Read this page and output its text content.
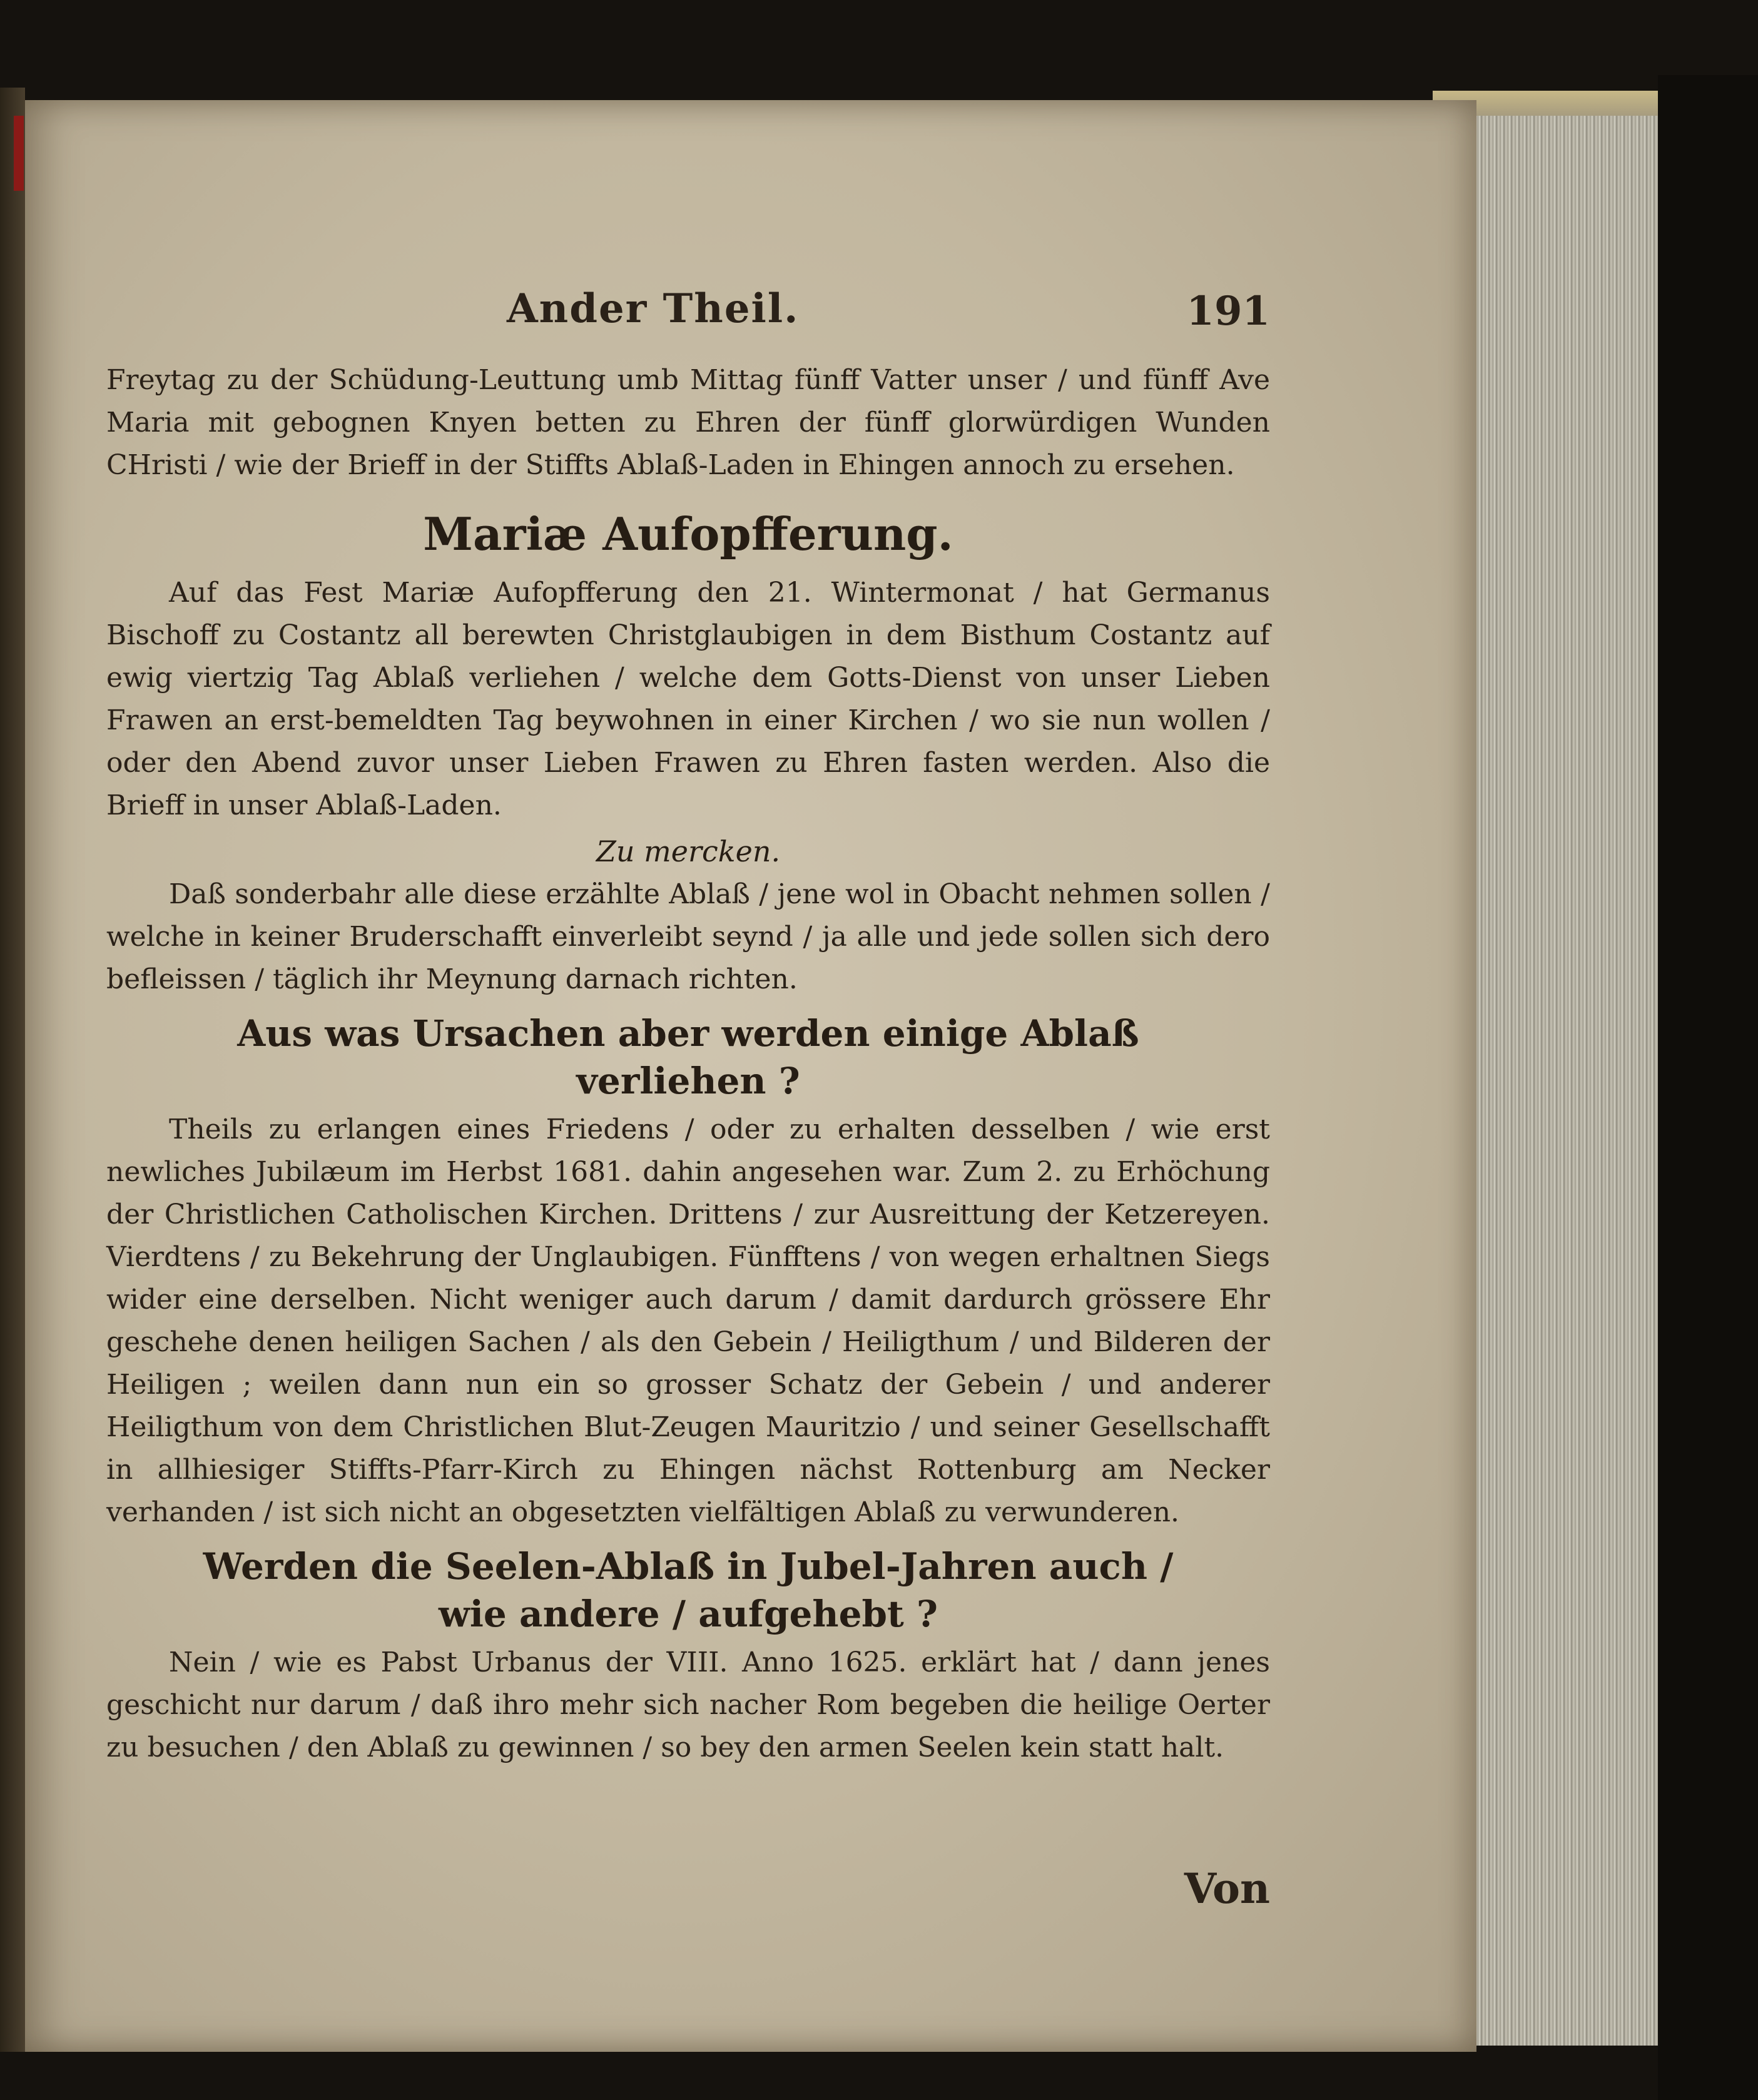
Ander Theil.	191

Freytag zu der Schüdung-Leuttung umb Mittag fünff Vatter unser / und fünff Ave Maria mit gebognen Knyen betten zu Ehren der fünff glorwürdigen Wunden CHristi / wie der Brieff in der Stiffts Ablaß-Laden in Ehingen annoch zu ersehen.

Mariæ Aufopfferung.

Auf das Fest Mariæ Aufopfferung den 21. Wintermonat / hat Germanus Bischoff zu Costantz all berewten Christglaubigen in dem Bisthum Costantz auf ewig viertzig Tag Ablaß verliehen / welche dem Gotts-Dienst von unser Lieben Frawen an erst-bemeldten Tag beywohnen in einer Kirchen / wo sie nun wollen / oder den Abend zuvor unser Lieben Frawen zu Ehren fasten werden. Also die Brieff in unser Ablaß-Laden.

Zu mercken.

Daß sonderbahr alle diese erzählte Ablaß / jene wol in Obacht nehmen sollen / welche in keiner Bruderschafft einverleibt seynd / ja alle und jede sollen sich dero befleissen / täglich ihr Meynung darnach richten.

Aus was Ursachen aber werden einige Ablaß
verliehen ?

Theils zu erlangen eines Friedens / oder zu erhalten desselben / wie erst newliches Jubilæum im Herbst 1681. dahin angesehen war. Zum 2. zu Erhöchung der Christlichen Catholischen Kirchen. Drittens / zur Ausreittung der Ketzereyen. Vierdtens / zu Bekehrung der Unglaubigen. Fünfftens / von wegen erhaltnen Siegs wider eine derselben. Nicht weniger auch darum / damit dardurch grössere Ehr geschehe denen heiligen Sachen / als den Gebein / Heiligthum / und Bilderen der Heiligen ; weilen dann nun ein so grosser Schatz der Gebein / und anderer Heiligthum von dem Christlichen Blut-Zeugen Mauritzio / und seiner Gesellschafft in allhiesiger Stiffts-Pfarr-Kirch zu Ehingen nächst Rottenburg am Necker verhanden / ist sich nicht an obgesetzten vielfältigen Ablaß zu verwunderen.

Werden die Seelen-Ablaß in Jubel-Jahren auch /
wie andere / aufgehebt ?

Nein / wie es Pabst Urbanus der VIII. Anno 1625. erklärt hat / dann jenes geschicht nur darum / daß ihro mehr sich nacher Rom begeben die heilige Oerter zu besuchen / den Ablaß zu gewinnen / so bey den armen Seelen kein statt halt.

Von
